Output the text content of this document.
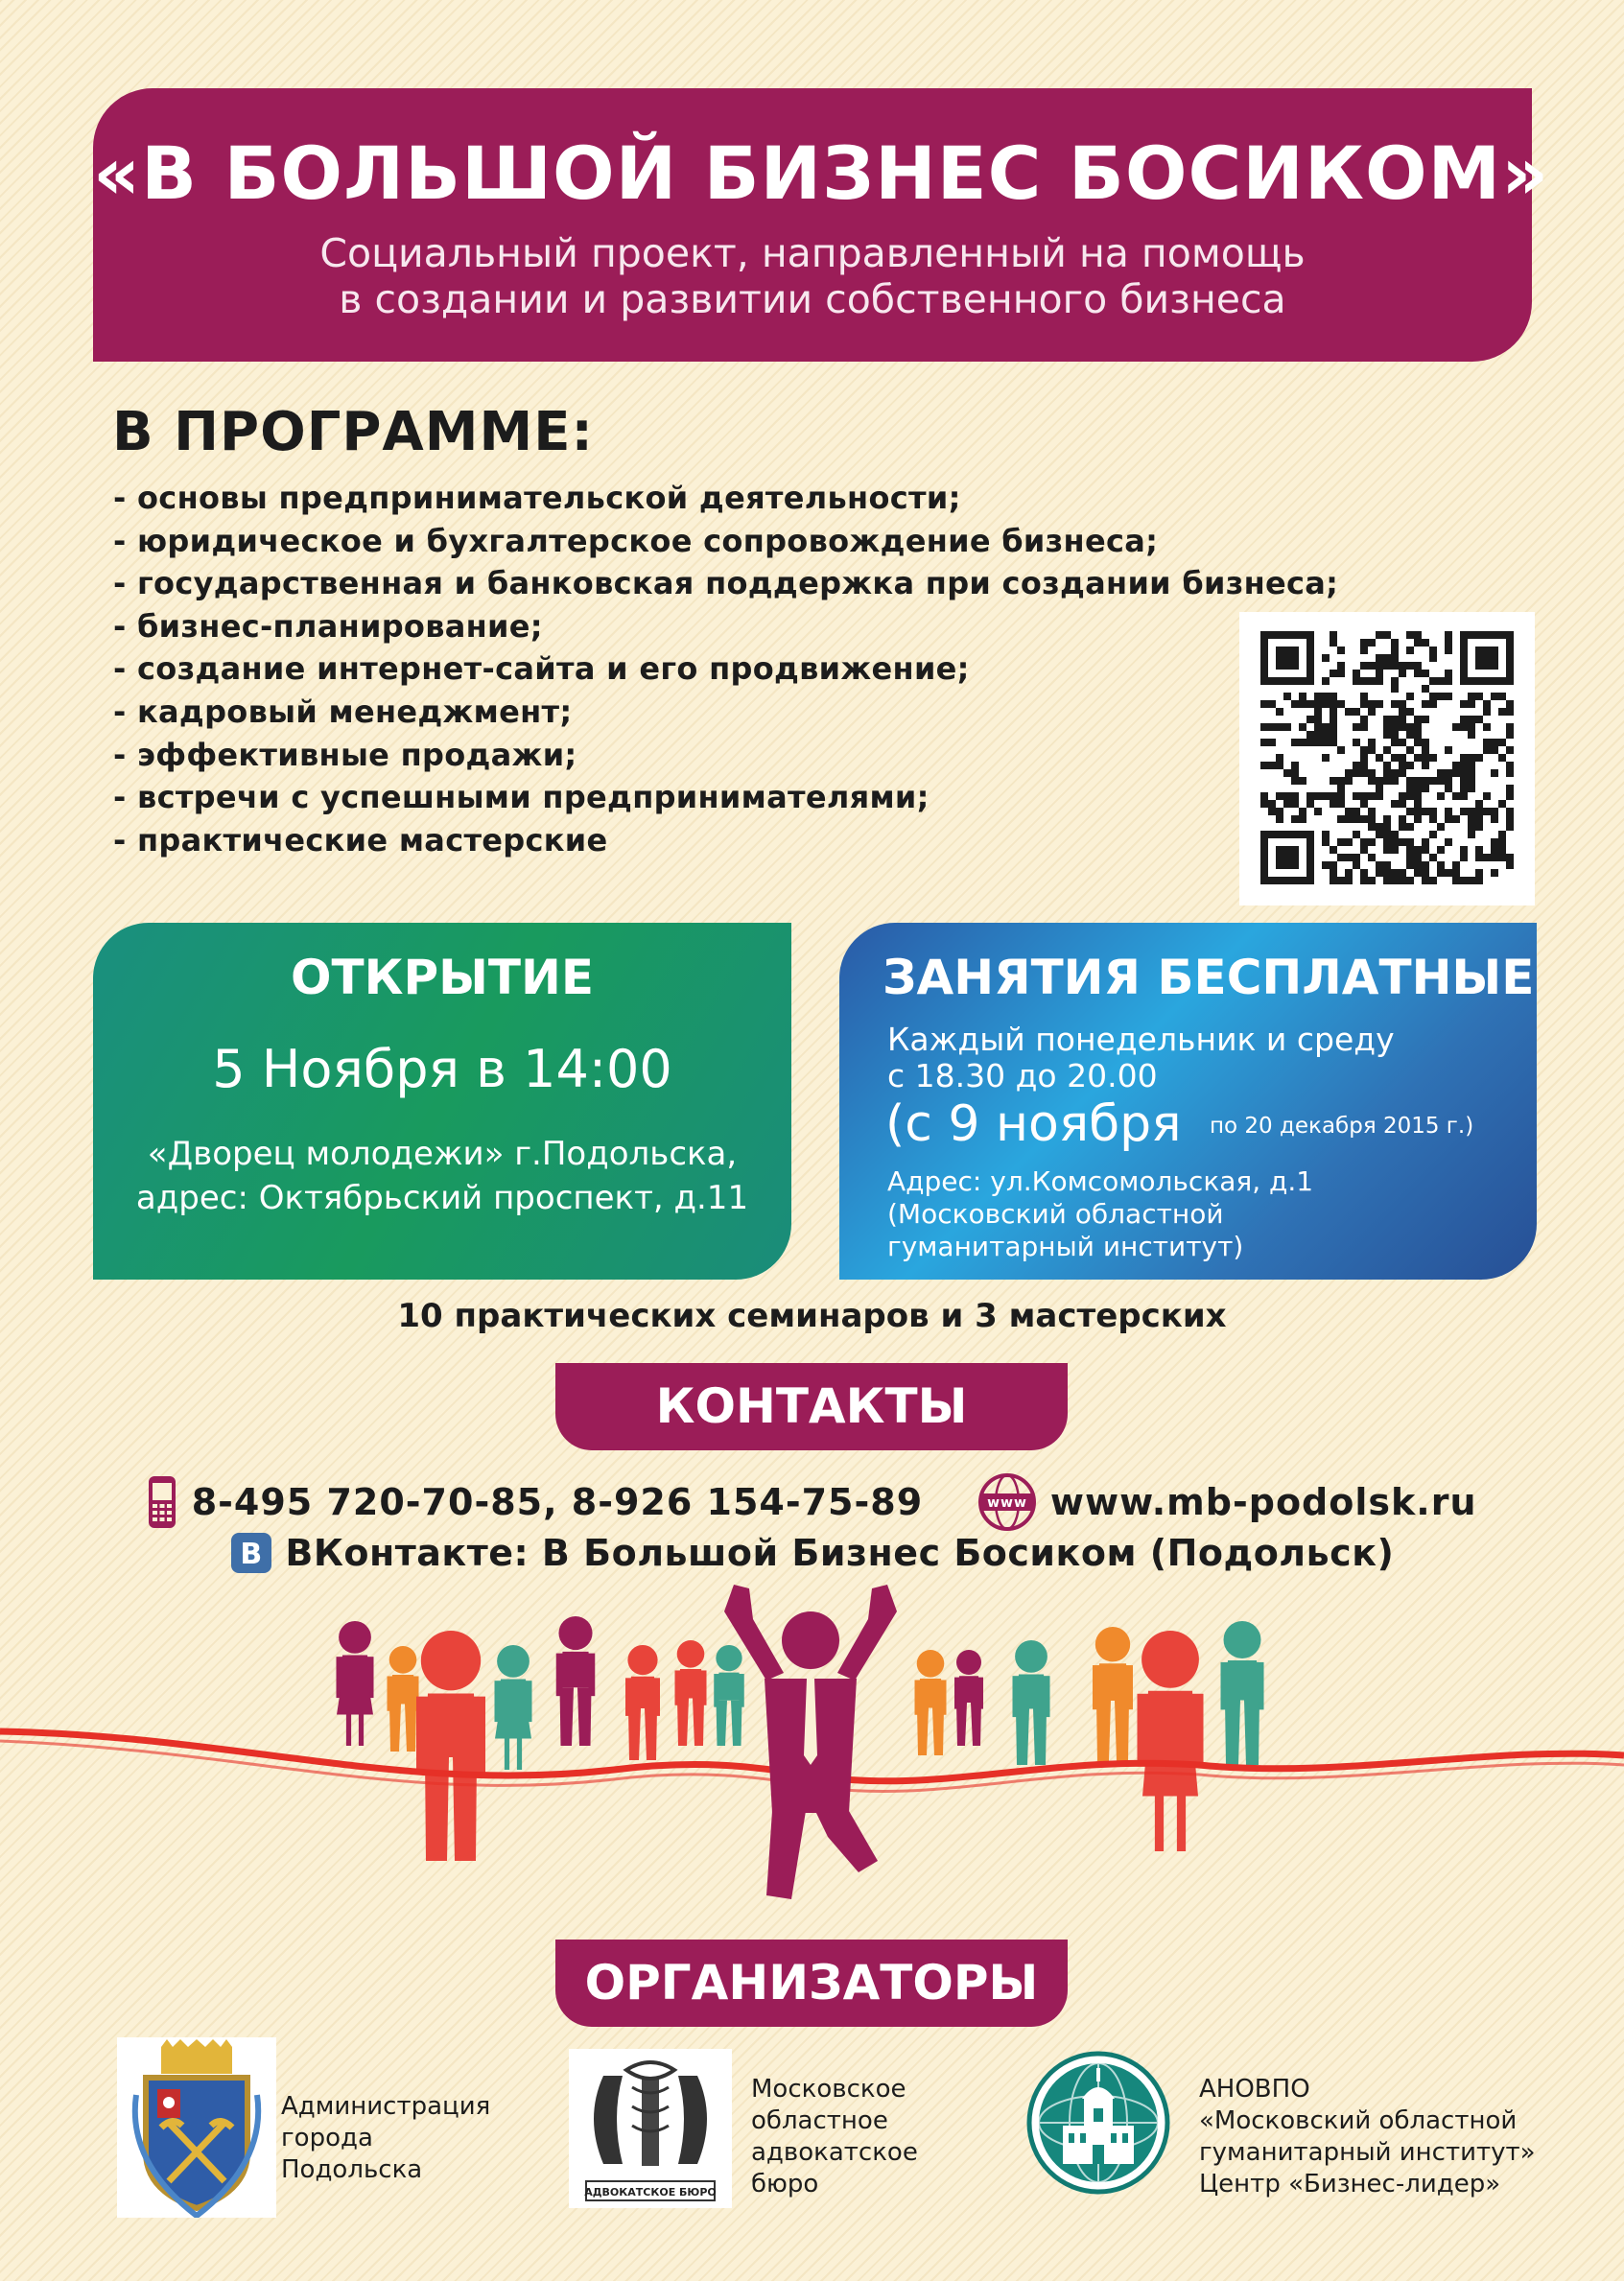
«В БОЛЬШОЙ БИЗНЕС БОСИКОМ»
Социальный проект, направленный на помощь
в создании и развитии собственного бизнеса
В ПРОГРАММЕ:
- основы предпринимательской деятельности;
- юридическое и бухгалтерское сопровождение бизнеса;
- государственная и банковская поддержка при создании бизнеса;
- бизнес-планирование;
- создание интернет-сайта и его продвижение;
- кадровый менеджмент;
- эффективные продажи;
- встречи с успешными предпринимателями;
- практические мастерские
ОТКРЫТИЕ
5 Ноября в 14:00
«Дворец молодежи» г.Подольска,
адрес: Октябрьский проспект, д.11
ЗАНЯТИЯ БЕСПЛАТНЫЕ
Каждый понедельник и среду
с 18.30 до 20.00
(с 9 ноября по 20 декабря 2015 г.)
Адрес: ул.Комсомольская, д.1
(Московский областной
гуманитарный институт)
10 практических семинаров и 3 мастерских
КОНТАКТЫ
8-495 720-70-85, 8-926 154-75-89	www www.mb-podolsk.ru
B ВКонтакте: В Большой Бизнес Босиком (Подольск)
ОРГАНИЗАТОРЫ
Администрация
города
Подольска
АДВОКАТСКОЕ БЮРО
Московское
областное
адвокатское
бюро
АНОВПО
«Московский областной
гуманитарный институт»
Центр «Бизнес-лидер»
